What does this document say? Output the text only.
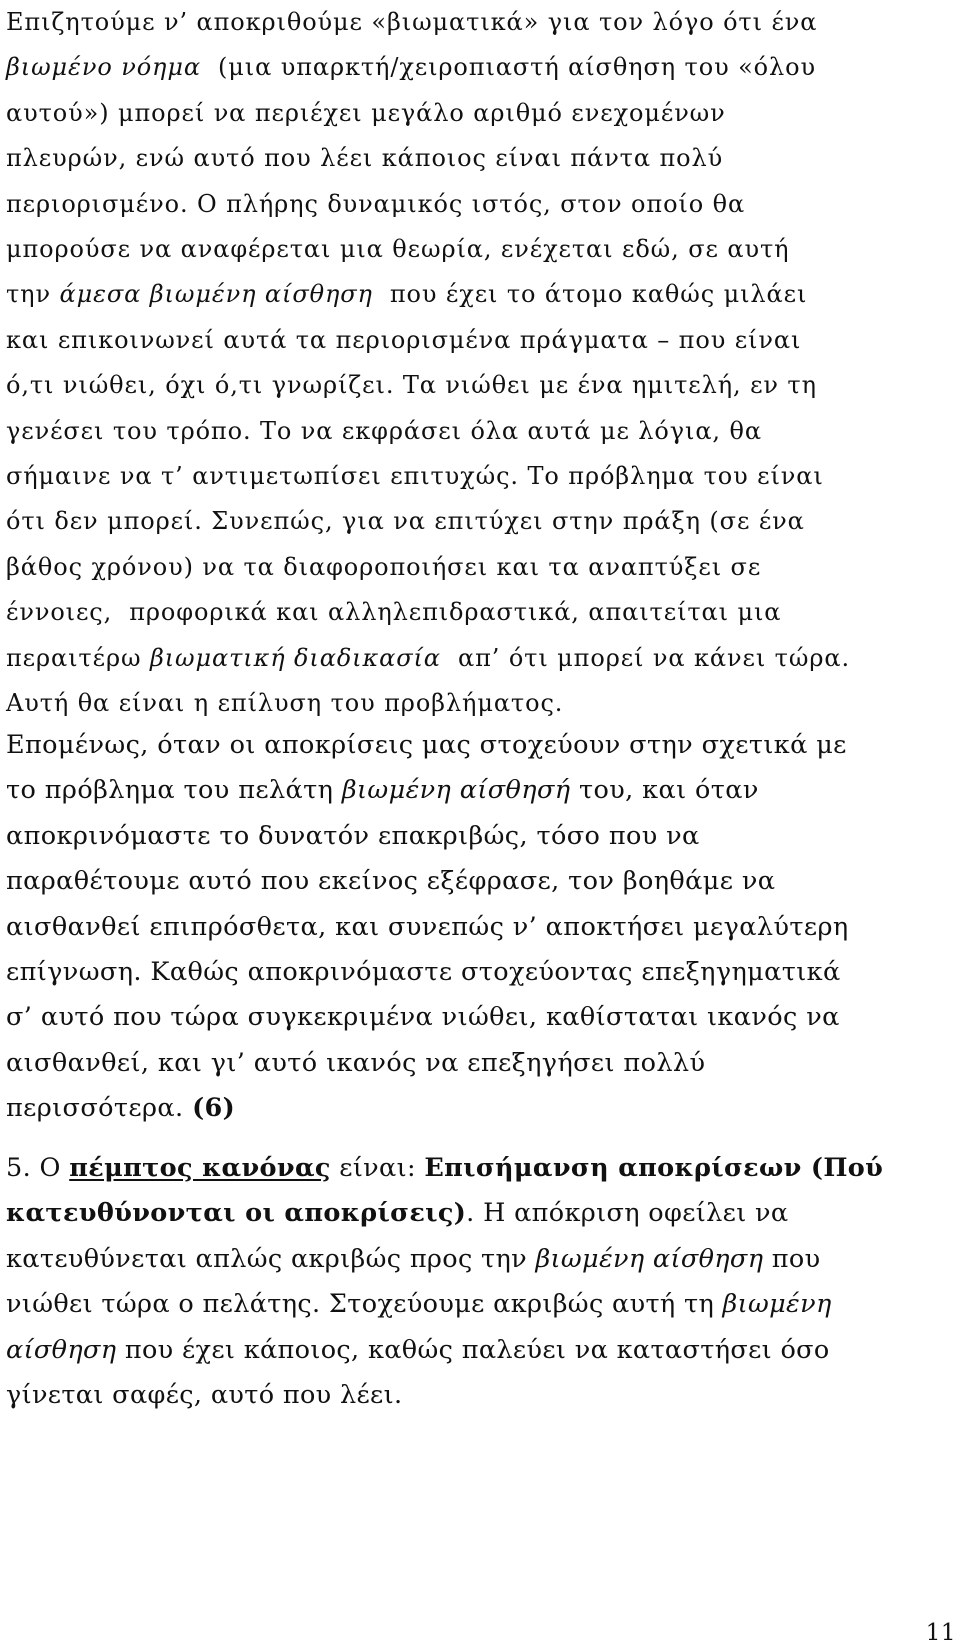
Επιζητούμε ν’ αποκριθούμε «βιωματικά» για τον λόγο ότι ένα
βιωμένο νόημα  (μια υπαρκτή/χειροπιαστή αίσθηση του «όλου
αυτού») μπορεί να περιέχει μεγάλο αριθμό ενεχομένων
πλευρών, ενώ αυτό που λέει κάποιος είναι πάντα πολύ
περιορισμένο. Ο πλήρης δυναμικός ιστός, στον οποίο θα
μπορούσε να αναφέρεται μια θεωρία, ενέχεται εδώ, σε αυτή
την άμεσα βιωμένη αίσθηση  που έχει το άτομο καθώς μιλάει
και επικοινωνεί αυτά τα περιορισμένα πράγματα – που είναι
ό,τι νιώθει, όχι ό,τι γνωρίζει. Τα νιώθει με ένα ημιτελή, εν τη
γενέσει του τρόπο. Το να εκφράσει όλα αυτά με λόγια, θα
σήμαινε να τ’ αντιμετωπίσει επιτυχώς. Το πρόβλημα του είναι
ότι δεν μπορεί. Συνεπώς, για να επιτύχει στην πράξη (σε ένα
βάθος χρόνου) να τα διαφοροποιήσει και τα αναπτύξει σε
έννοιες,  προφορικά και αλληλεπιδραστικά, απαιτείται μια
περαιτέρω βιωματική διαδικασία  απ’ ότι μπορεί να κάνει τώρα.
Αυτή θα είναι η επίλυση του προβλήματος.

Επομένως, όταν οι αποκρίσεις μας στοχεύουν στην σχετικά με
το πρόβλημα του πελάτη βιωμένη αίσθησή του, και όταν
αποκρινόμαστε το δυνατόν επακριβώς, τόσο που να
παραθέτουμε αυτό που εκείνος εξέφρασε, τον βοηθάμε να
αισθανθεί επιπρόσθετα, και συνεπώς ν’ αποκτήσει μεγαλύτερη
επίγνωση. Καθώς αποκρινόμαστε στοχεύοντας επεξηγηματικά
σ’ αυτό που τώρα συγκεκριμένα νιώθει, καθίσταται ικανός να
αισθανθεί, και γι’ αυτό ικανός να επεξηγήσει πολλύ
περισσότερα. (6)

5. Ο πέμπτος κανόνας είναι: Επισήμανση αποκρίσεων (Πού
κατευθύνονται οι αποκρίσεις). Η απόκριση οφείλει να
κατευθύνεται απλώς ακριβώς προς την βιωμένη αίσθηση που
νιώθει τώρα ο πελάτης. Στοχεύουμε ακριβώς αυτή τη βιωμένη
αίσθηση που έχει κάποιος, καθώς παλεύει να καταστήσει όσο
γίνεται σαφές, αυτό που λέει.

11
